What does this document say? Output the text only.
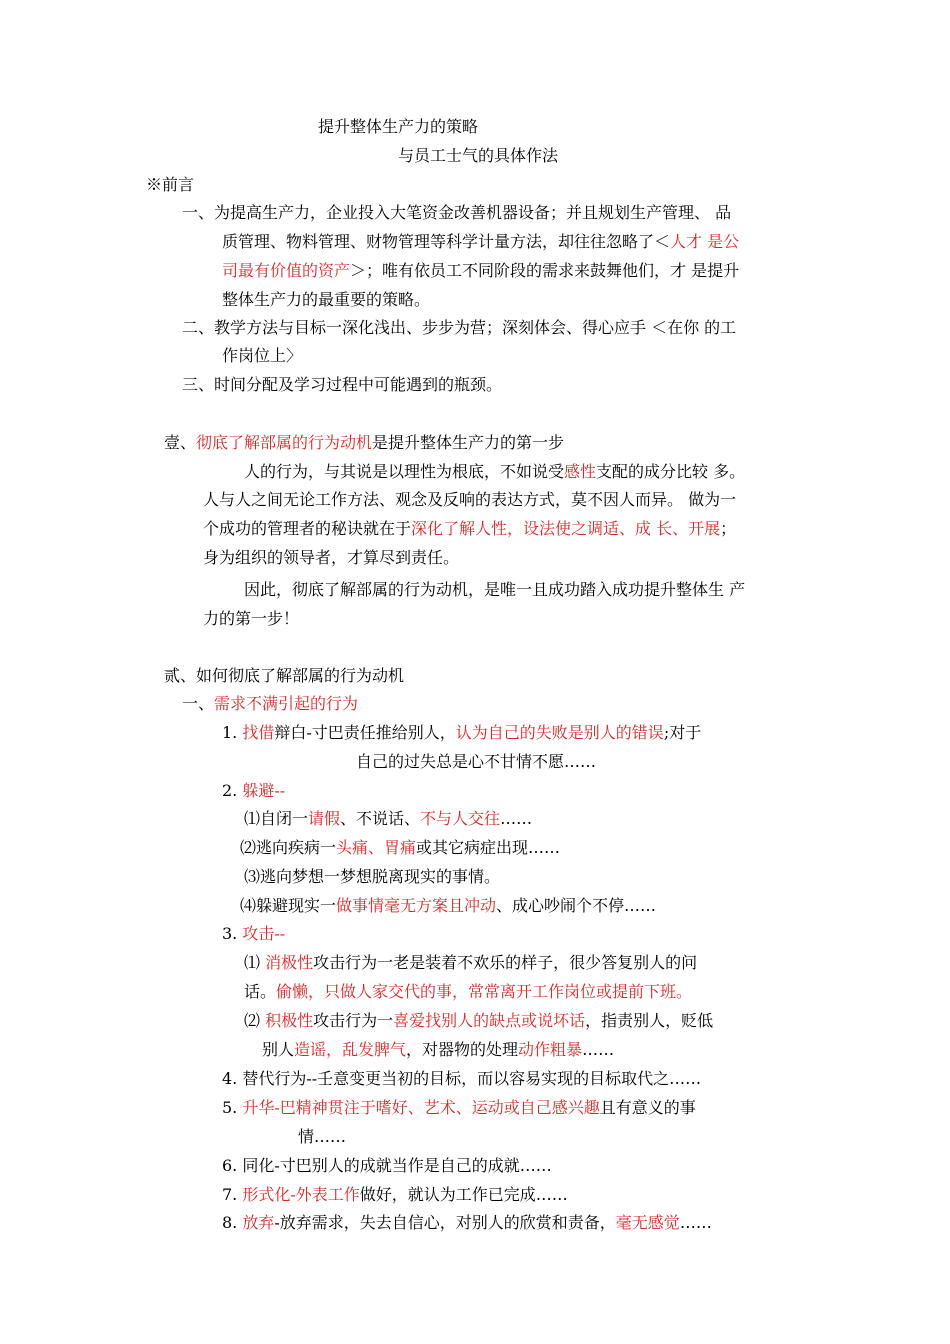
提升整体生产力的策略
与员工士气的具体作法
※前言
一、为提高生产力，企业投入大笔资金改善机器设备；并且规划生产管理、 品
质管理、物料管理、财物管理等科学计量方法，却往往忽略了＜人才 是公
司最有价值的资产＞；唯有依员工不同阶段的需求来鼓舞他们，才 是提升
整体生产力的最重要的策略。
二、教学方法与目标一深化浅出、步步为营；深刻体会、得心应手 ＜在你 的工
作岗位上〉
三、时间分配及学习过程中可能遇到的瓶颈。
壹、彻底了解部属的行为动机是提升整体生产力的第一步
人的行为，与其说是以理性为根底，不如说受感性支配的成分比较 多。
人与人之间无论工作方法、观念及反响的表达方式，莫不因人而异。 做为一
个成功的管理者的秘诀就在于深化了解人性，设法使之调适、成 长、开展；
身为组织的领导者，才算尽到责任。
因此，彻底了解部属的行为动机，是唯一且成功踏入成功提升整体生 产
力的第一步！
贰、如何彻底了解部属的行为动机
一、需求不满引起的行为
1. 找借辩白-寸巴责任推给别人，认为自己的失败是别人的错误;对于
自己的过失总是心不甘情不愿……
2. 躲避--
⑴自闭一请假、不说话、不与人交往……
⑵逃向疾病一头痛、胃痛或其它病症出现……
⑶逃向梦想一梦想脱离现实的事情。
⑷躲避现实一做事情毫无方案且冲动、成心吵闹个不停……
3. 攻击--
⑴ 消极性攻击行为一老是装着不欢乐的样子，很少答复别人的问
话。偷懒，只做人家交代的事，常常离开工作岗位或提前下班。
⑵ 积极性攻击行为一喜爱找别人的缺点或说坏话，指责别人，贬低
别人造谣，乱发脾气，对器物的处理动作粗暴……
4. 替代行为--壬意变更当初的目标，而以容易实现的目标取代之……
5. 升华-巴精神贯注于嗜好、艺术、运动或自己感兴趣且有意义的事
情……
6. 同化-寸巴别人的成就当作是自己的成就……
7. 形式化-外表工作做好，就认为工作已完成……
8. 放弃-放弃需求，失去自信心，对别人的欣赏和责备，毫无感觉……
